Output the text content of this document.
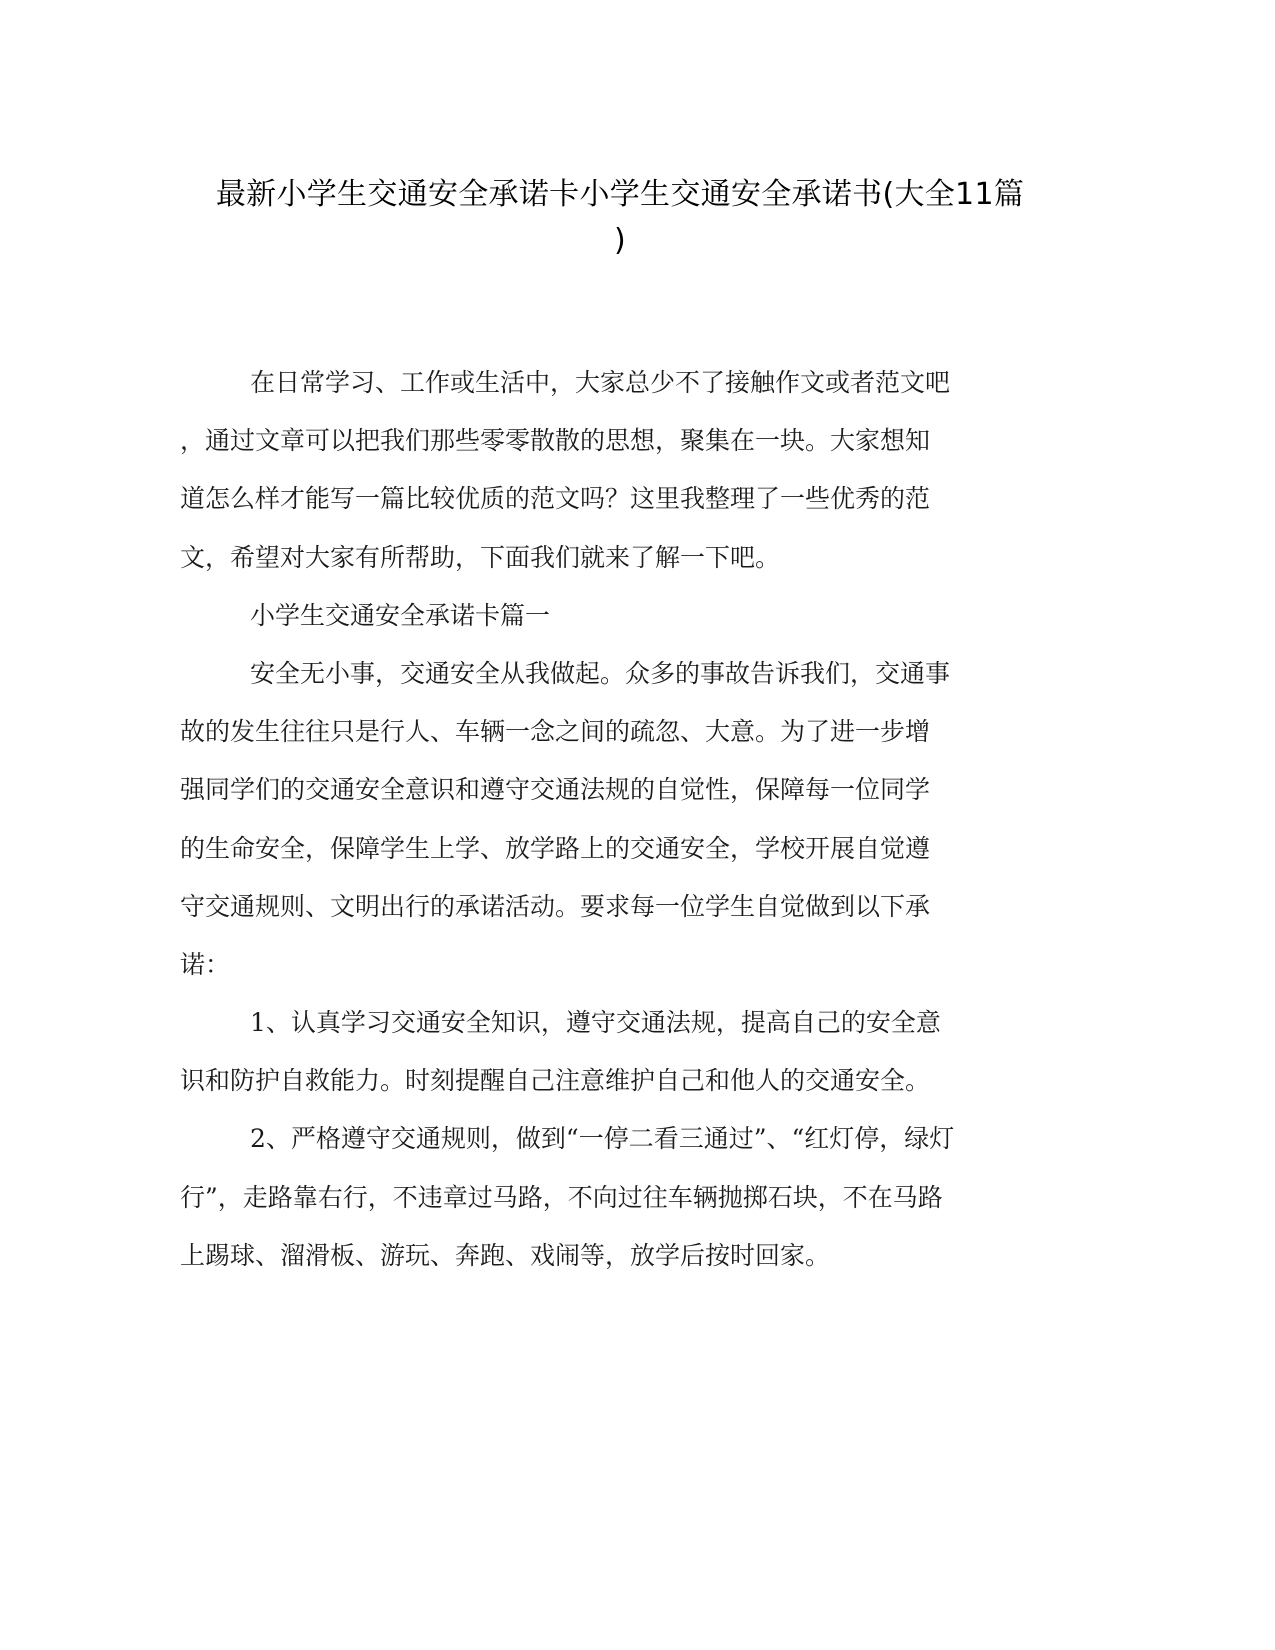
最新小学生交通安全承诺卡小学生交通安全承诺书(大全11篇
)
在日常学习、工作或生活中，大家总少不了接触作文或者范文吧
，通过文章可以把我们那些零零散散的思想，聚集在一块。大家想知
道怎么样才能写一篇比较优质的范文吗？这里我整理了一些优秀的范
文，希望对大家有所帮助，下面我们就来了解一下吧。
小学生交通安全承诺卡篇一
安全无小事，交通安全从我做起。众多的事故告诉我们，交通事
故的发生往往只是行人、车辆一念之间的疏忽、大意。为了进一步增
强同学们的交通安全意识和遵守交通法规的自觉性，保障每一位同学
的生命安全，保障学生上学、放学路上的交通安全，学校开展自觉遵
守交通规则、文明出行的承诺活动。要求每一位学生自觉做到以下承
诺：
1、认真学习交通安全知识，遵守交通法规，提高自己的安全意
识和防护自救能力。时刻提醒自己注意维护自己和他人的交通安全。
2、严格遵守交通规则，做到“一停二看三通过”、“红灯停，绿灯
行”，走路靠右行，不违章过马路，不向过往车辆抛掷石块，不在马路
上踢球、溜滑板、游玩、奔跑、戏闹等，放学后按时回家。
